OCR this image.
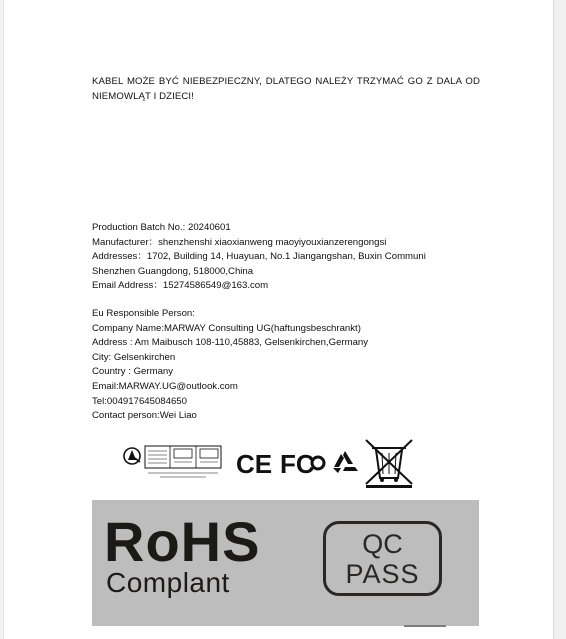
KABEL MOŻE BYĆ NIEBEZPIECZNY, DLATEGO NALEŻY TRZYMAĆ GO Z DALA OD
NIEMOWLĄT I DZIECI!
Production Batch No.: 20240601
Manufacturer：shenzhenshi xiaoxianweng maoyiyouxianzerengongsi
Addresses：1702, Building 14, Huayuan, No.1 Jiangangshan, Buxin Communi
Shenzhen Guangdong, 518000,China
Email Address：15274586549@163.com
Eu Responsible Person:
Company Name:MARWAY Consulting UG(haftungsbeschrankt)
Address : Am Maibusch 108-110,45883, Gelsenkirchen,Germany
City: Gelsenkirchen
Country : Germany
Email:MARWAY.UG@outlook.com
Tel:004917645084650
Contact person:Wei Liao
CE FC
RoHS
Complant
QC
PASS
